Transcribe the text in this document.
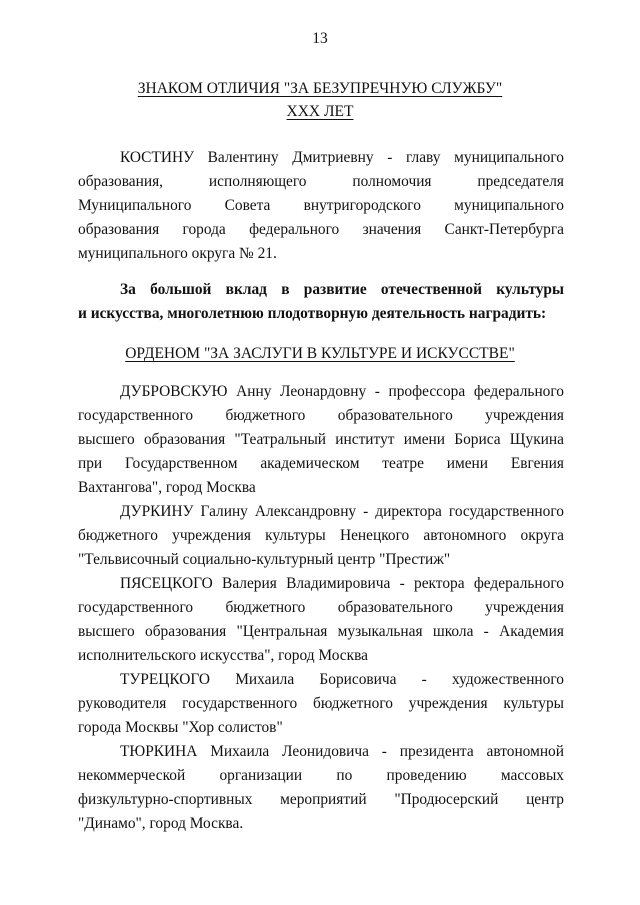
13
ЗНАКОМ ОТЛИЧИЯ "ЗА БЕЗУПРЕЧНУЮ СЛУЖБУ"
XXX ЛЕТ
КОСТИНУ Валентину Дмитриевну - главу муниципального
образования, исполняющего полномочия председателя
Муниципального Совета внутригородского муниципального
образования города федерального значения Санкт-Петербурга
муниципального округа № 21.
За большой вклад в развитие отечественной культуры
и искусства, многолетнюю плодотворную деятельность наградить:
ОРДЕНОМ "ЗА ЗАСЛУГИ В КУЛЬТУРЕ И ИСКУССТВЕ"
ДУБРОВСКУЮ Анну Леонардовну - профессора федерального
государственного бюджетного образовательного учреждения
высшего образования "Театральный институт имени Бориса Щукина
при Государственном академическом театре имени Евгения
Вахтангова", город Москва
ДУРКИНУ Галину Александровну - директора государственного
бюджетного учреждения культуры Ненецкого автономного округа
"Тельвисочный социально-культурный центр "Престиж"
ПЯСЕЦКОГО Валерия Владимировича - ректора федерального
государственного бюджетного образовательного учреждения
высшего образования "Центральная музыкальная школа - Академия
исполнительского искусства", город Москва
ТУРЕЦКОГО Михаила Борисовича - художественного
руководителя государственного бюджетного учреждения культуры
города Москвы "Хор солистов"
ТЮРКИНА Михаила Леонидовича - президента автономной
некоммерческой организации по проведению массовых
физкультурно-спортивных мероприятий "Продюсерский центр
"Динамо", город Москва.
